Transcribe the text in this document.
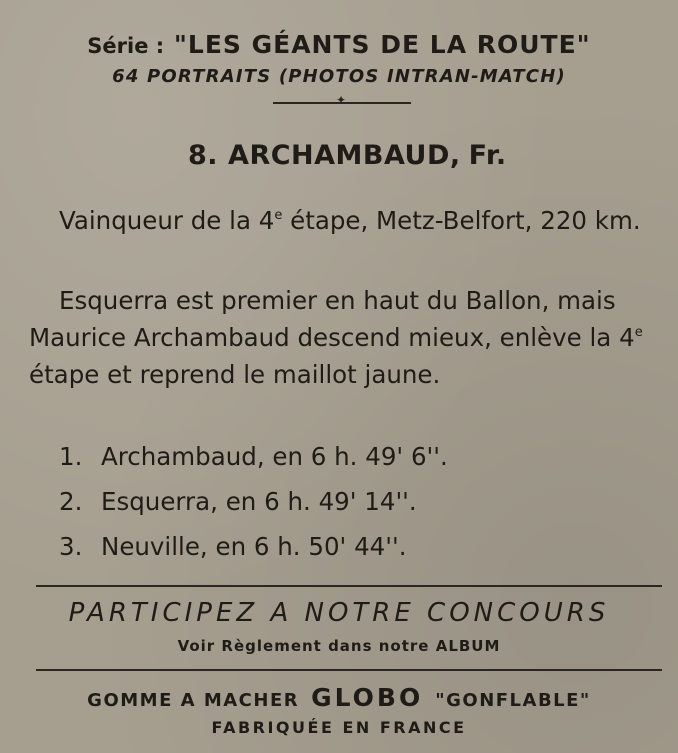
Série : "LES GÉANTS DE LA ROUTE"
64 PORTRAITS (PHOTOS INTRAN-MATCH)
✦
8. ARCHAMBAUD, Fr.
Vainqueur de la 4e étape, Metz-Belfort, 220 km.
Esquerra est premier en haut du Ballon, mais Maurice Archambaud descend mieux, enlève la 4e étape et reprend le maillot jaune.
1. Archambaud, en 6 h. 49' 6''.
2. Esquerra, en 6 h. 49' 14''.
3. Neuville, en 6 h. 50' 44''.
PARTICIPEZ A NOTRE CONCOURS
Voir Règlement dans notre ALBUM
GOMME A MACHER GLOBO "GONFLABLE"
FABRIQUÉE EN FRANCE
